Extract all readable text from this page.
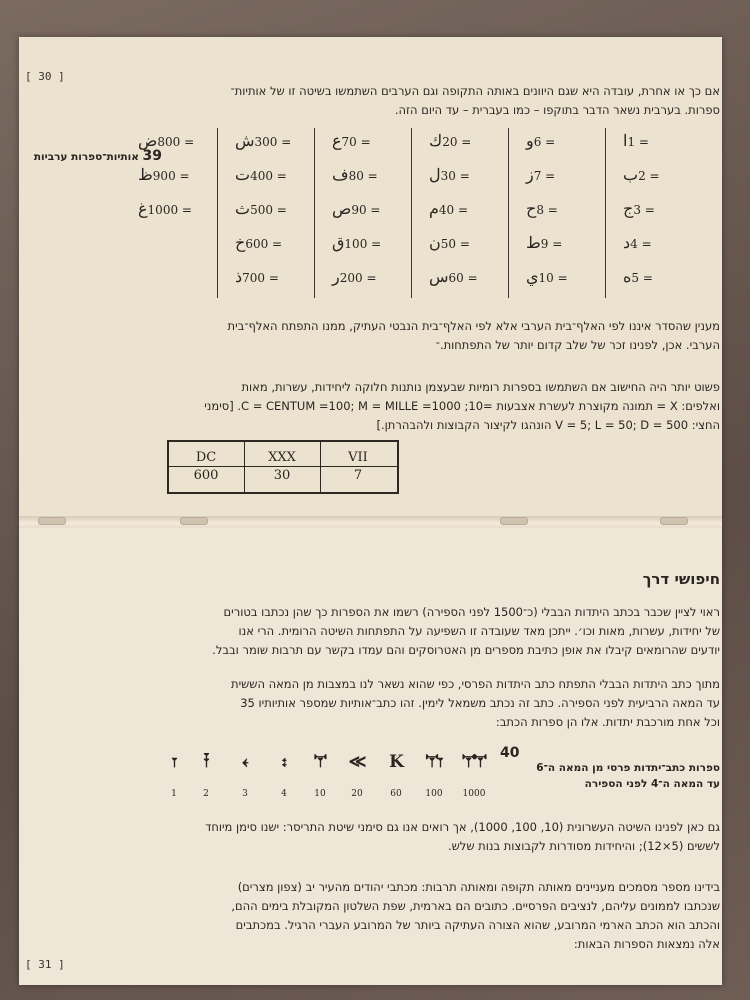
[ 30 ]
אם כך או אחרת, עובדה היא שגם היוונים באותה התקופה וגם הערבים השתמשו בשיטה זו של אותיות־
ספרות. בערבית נשאר הדבר בתוקפו – כמו בעברית – עד היום הזה.
39 אותיות־ספרות ערביות
ا1 =
ب2 =
ج3 =
د4 =
ه5 =
و6 =
ز7 =
ح8 =
ط9 =
ي10 =
ك20 =
ل30 =
م40 =
ن50 =
س60 =
ع70 =
ف80 =
ص90 =
ق100 =
ر200 =
ش300 =
ت400 =
ث500 =
خ600 =
ذ700 =
ض800 =
ظ900 =
غ1000 =
מענין שהסדר איננו לפי האלף־בית הערבי אלא לפי האלף־בית הנבטי העתיק, ממנו התפתח האלף־בית
הערבי. אכן, לפנינו זכר של שלב קדום יותר של התפתחות.־
פשוט יותר היה החישוב אם השתמשו בספרות רומיות שבעצמן נותנות חלוקה ליחידות, עשרות, מאות
ואלפים: X = תמונה מקוצרת לעשרת אצבעות =10; C = CENTUM =100; M = MILLE =1000. [סימני
החצי: V = 5; L = 50; D = 500 הונהגו לקיצור הקבוצות ולהבהרתן.]
VII
7
XXX
30
DC
600
חיפושי דרך
ראוי לציין שכבר בכתב היתדות הבבלי (כ־1500 לפני הספירה) רשמו את הספרות כך שהן נכתבו בטורים
של יחידות, עשרות, מאות וכו׳. ייתכן מאד שעובדה זו השפיעה על התפתחות השיטה הרומית. הרי אנו
יודעים שהרומאים קיבלו את אופן כתיבת מספרים מן האטרוסקים והם עמדו בקשר עם תרבות שומר ובבל.
מתוך כתב היתדות הבבלי התפתח כתב היתדות הפרסי, כפי שהוא נשאר לנו במצבות מן המאה הששית
עד המאה הרביעית לפני הספירה. כתב זה נכתב משמאל לימין. זהו כתב־אותיות שמספר אותיותיו 35
וכל אחת מורכבת יתדות. אלו הן ספרות הכתב:
40
ספרות כתב־יתדות פרסי מן המאה ה־6
עד המאה ה־4 לפני הספירה
𐏑
1
𐏒
2
𐏓
3
𐏔
4
𐏕
10
≪
20
K
60
𐏕𐏑
100
𐏕𐏕
1000
גם כאן לפנינו השיטה העשרונית (10, 100, 1000), אך רואים אנו גם סימני שיטת התריסר: ישנו סימן מיוחד
לששים (5×12); והיחידות מסודרות לקבוצות בנות שלש.
בידינו מספר מסמכים מעניינים מאותה תקופה ומאותה תרבות: מכתבי יהודים מהעיר יב (צפון מצרים)
שנכתבו לממונים עליהם, לנציבים הפרסיים. כתובים הם בארמית, שפת השלטון המקובלת בימים ההם,
והכתב הוא הכתב הארמי המרובע, שהוא הצורה העתיקה ביותר של המרובע העברי הרגיל. במכתבים
אלה נמצאות הספרות הבאות:
[ 31 ]
